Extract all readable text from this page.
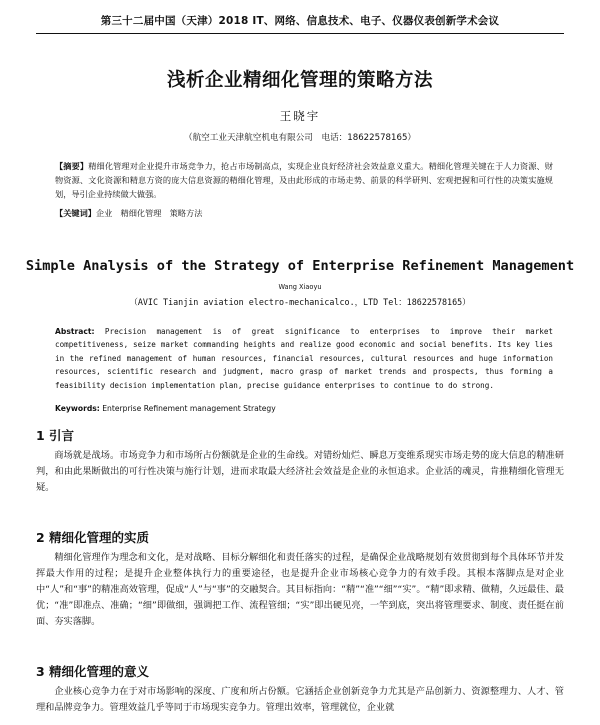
第三十二届中国（天津）2018 IT、网络、信息技术、电子、仪器仪表创新学术会议
浅析企业精细化管理的策略方法
王晓宇
（航空工业天津航空机电有限公司　电话：18622578165）

【摘要】精细化管理对企业提升市场竞争力，抢占市场制高点，实现企业良好经济社会效益意义重大。精细化管理关键在于人力资源、财物资源、文化资源和精息方资的庞大信息资源的精细化管理，及由此形成的市场走势、前景的科学研判、宏观把握和可行性的决策实施规划，导引企业持续做大做强。

【关键词】企业　精细化管理　策略方法

Simple Analysis of the Strategy of Enterprise Refinement Management
Wang Xiaoyu
（AVIC Tianjin aviation electro-mechanicalco.，LTD Tel：18622578165）

Abstract: Precision management is of great significance to enterprises to improve their market competitiveness, seize market commanding heights and realize good economic and social benefits. Its key lies in the refined management of human resources, financial resources, cultural resources and huge information resources, scientific research and judgment, macro grasp of market trends and prospects, thus forming a feasibility decision implementation plan, precise guidance enterprises to continue to do strong.

Keywords: Enterprise Refinement management Strategy

1 引言

商场就是战场。市场竞争力和市场所占份额就是企业的生命线。对错纷灿烂、瞬息万变维系现实市场走势的庞大信息的精准研判，和由此果断做出的可行性决策与施行计划，进而求取最大经济社会效益是企业的永恒追求。企业活的魂灵，肯推精细化管理无疑。

2 精细化管理的实质

精细化管理作为理念和文化，是对战略、目标分解细化和责任落实的过程，是确保企业战略规划有效贯彻到每个具体环节并发挥最大作用的过程；是提升企业整体执行力的重要途径，也是提升企业市场核心竞争力的有效手段。其根本落脚点是对企业中“人”和“事”的精准高效管理，促成“人”与“事”的交融契合。其目标指向：“精”“准”“细”“实”。“精”即求精、做精，久远最佳、最优；“准”即准点、准确；“细”即做细，强调把工作、流程管细；“实”即出硬见亮，一竿到底，突出将管理要求、制度、责任挺在前面、夯实落脚。

3 精细化管理的意义

企业核心竞争力在于对市场影响的深度、广度和所占份额。它涵括企业创新竞争力尤其是产品创新力、资源整理力、人才、管理和品牌竞争力。管理效益几乎等同于市场现实竞争力。管理出效率，管理就位，企业就
